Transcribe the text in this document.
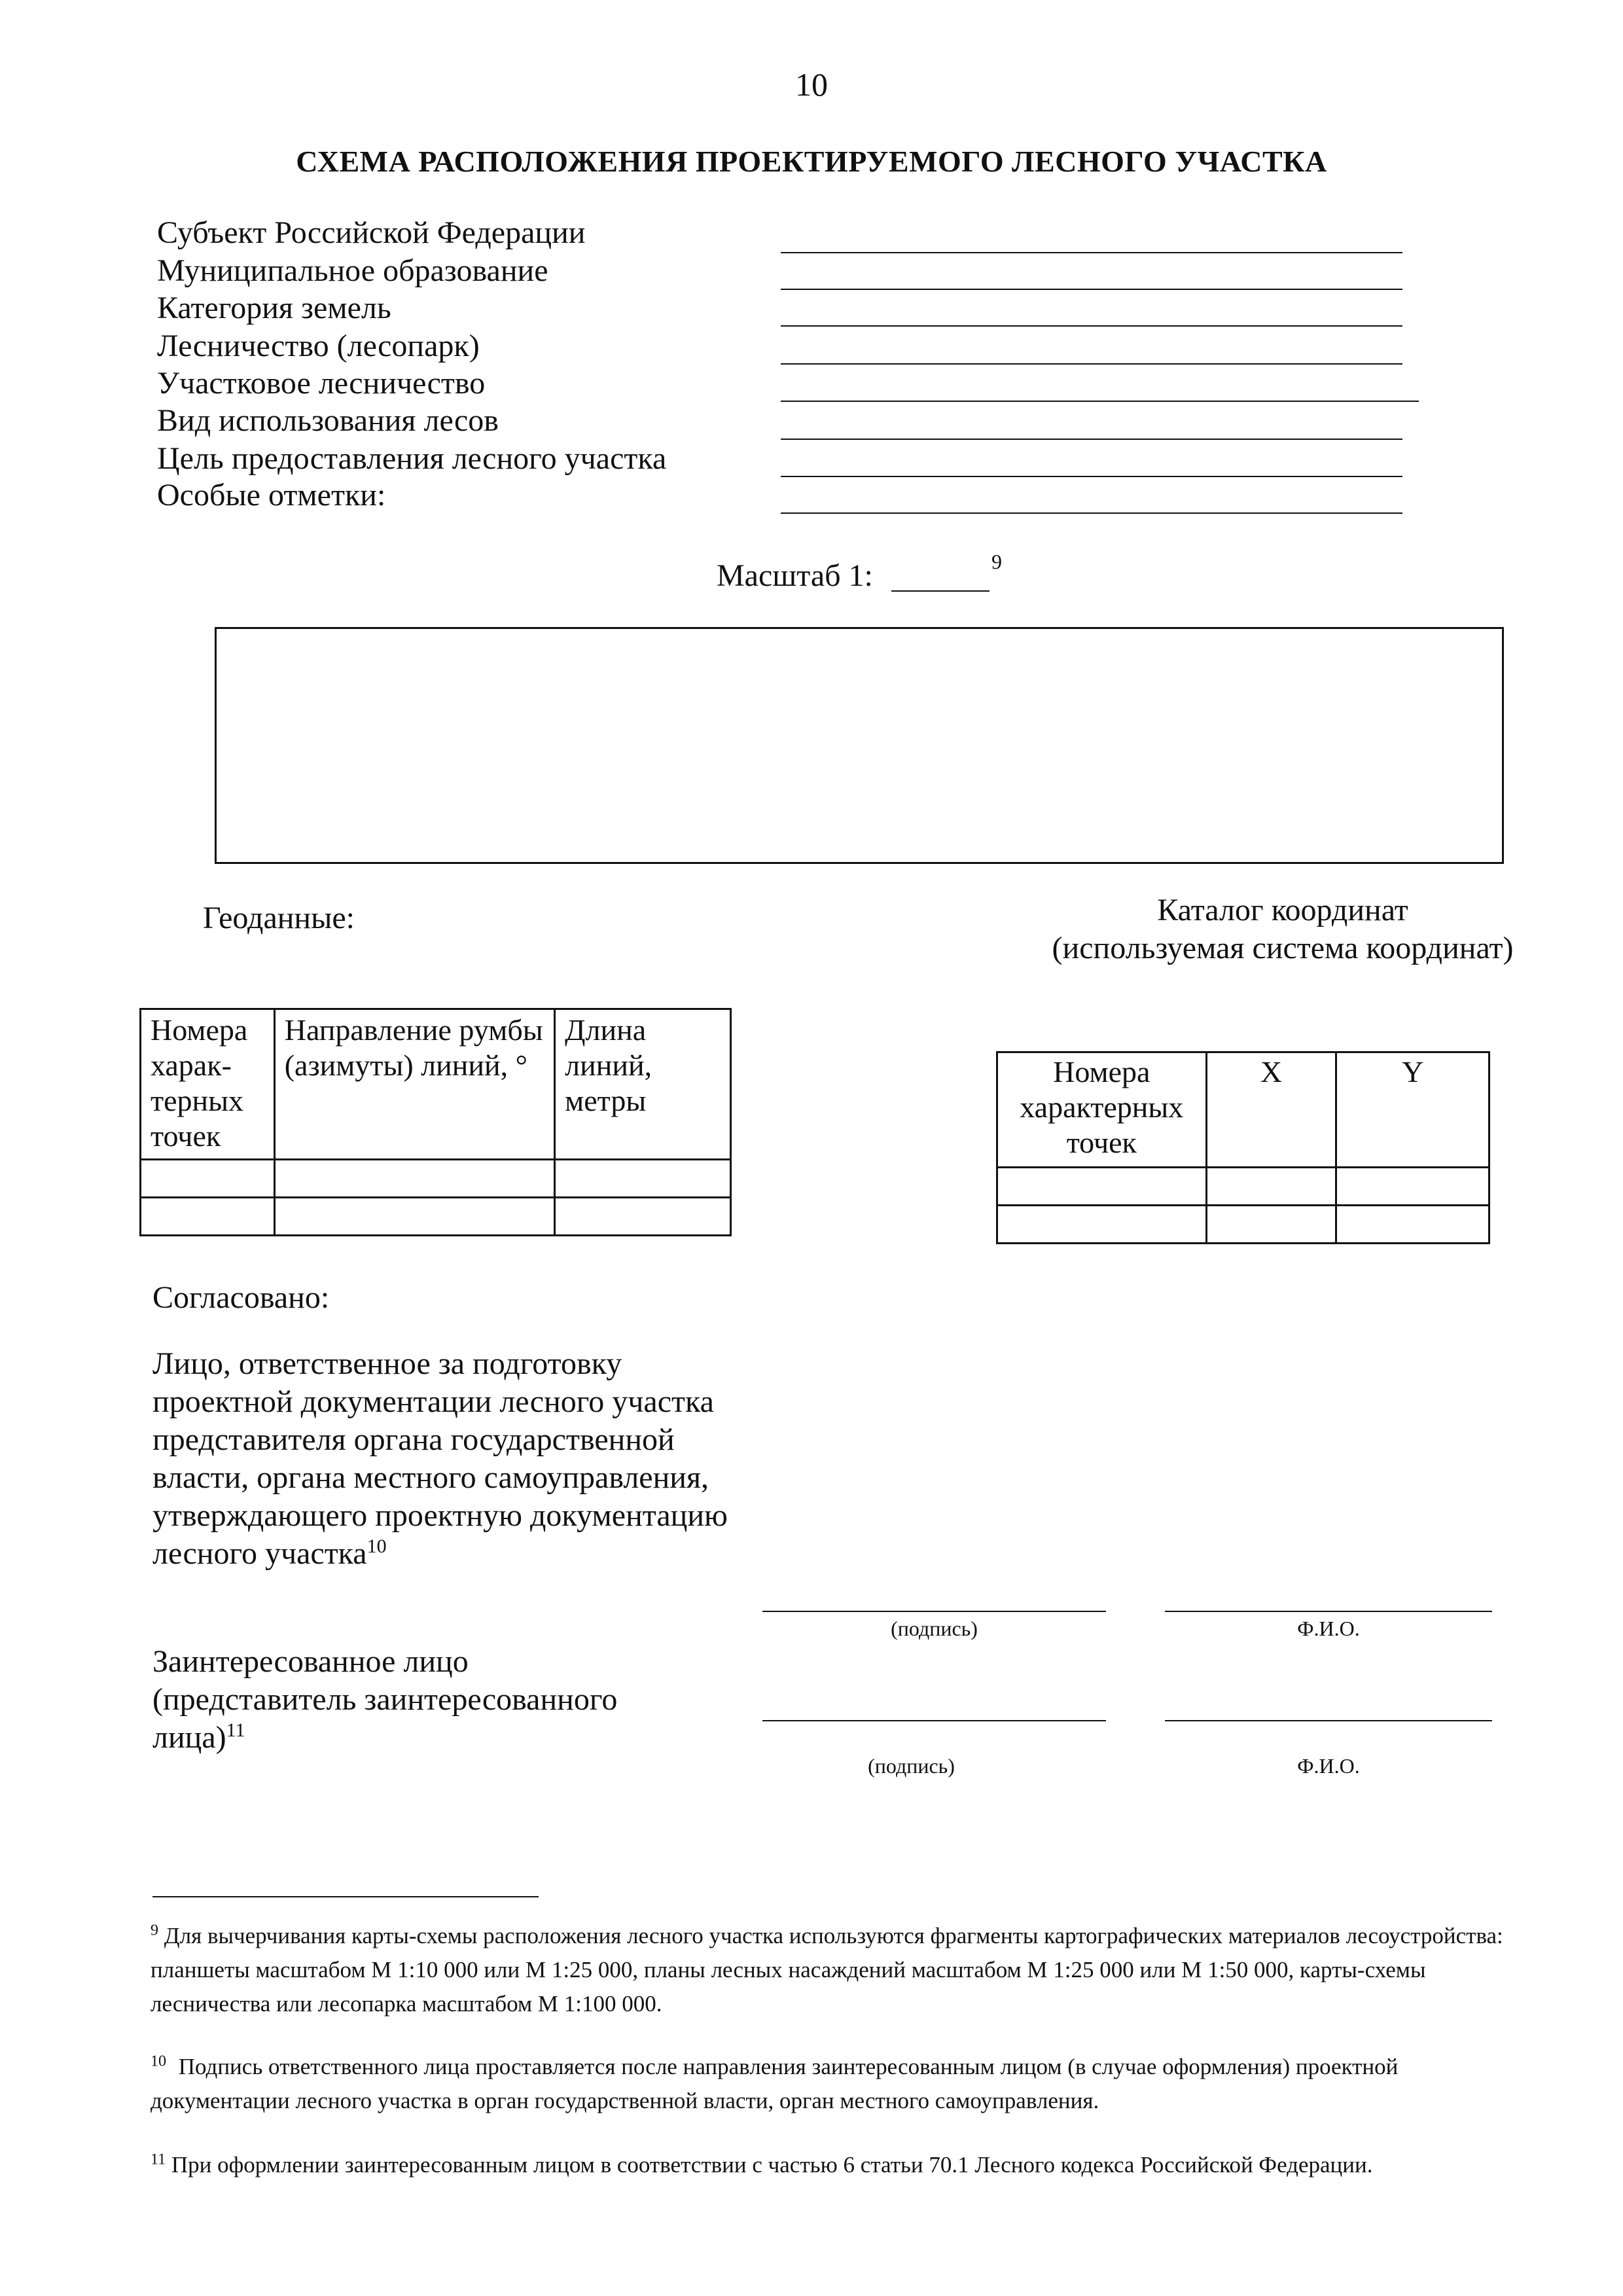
10
СХЕМА РАСПОЛОЖЕНИЯ ПРОЕКТИРУЕМОГО ЛЕСНОГО УЧАСТКА
Субъект Российской Федерации
Муниципальное образование
Категория земель
Лесничество (лесопарк)
Участковое лесничество
Вид использования лесов
Цель предоставления лесного участка
Особые отметки:
Масштаб 1:	9
Геоданные:
Номера харак-терных точек	Направление румбы (азимуты) линий, °	Длина линий, метры

Каталог координат
(используемая система координат)
Номера характерных точек	X	Y

Согласовано:
Лицо, ответственное за подготовку проектной документации лесного участка представителя органа государственной власти, органа местного самоуправления, утверждающего проектную документацию лесного участка$^{10}$
(подпись)	Ф.И.О.
Заинтересованное лицо (представитель заинтересованного лица)$^{11}$
(подпись)	Ф.И.О.
$^9$ Для вычерчивания карты-схемы расположения лесного участка используются фрагменты картографических материалов лесоустройства: планшеты масштабом М 1:10 000 или М 1:25 000, планы лесных насаждений масштабом М 1:25 000 или М 1:50 000, карты-схемы лесничества или лесопарка масштабом М 1:100 000.
$^{10}$ Подпись ответственного лица проставляется после направления заинтересованным лицом (в случае оформления) проектной документации лесного участка в орган государственной власти, орган местного самоуправления.
$^{11}$ При оформлении заинтересованным лицом в соответствии с частью 6 статьи 70.1 Лесного кодекса Российской Федерации.
